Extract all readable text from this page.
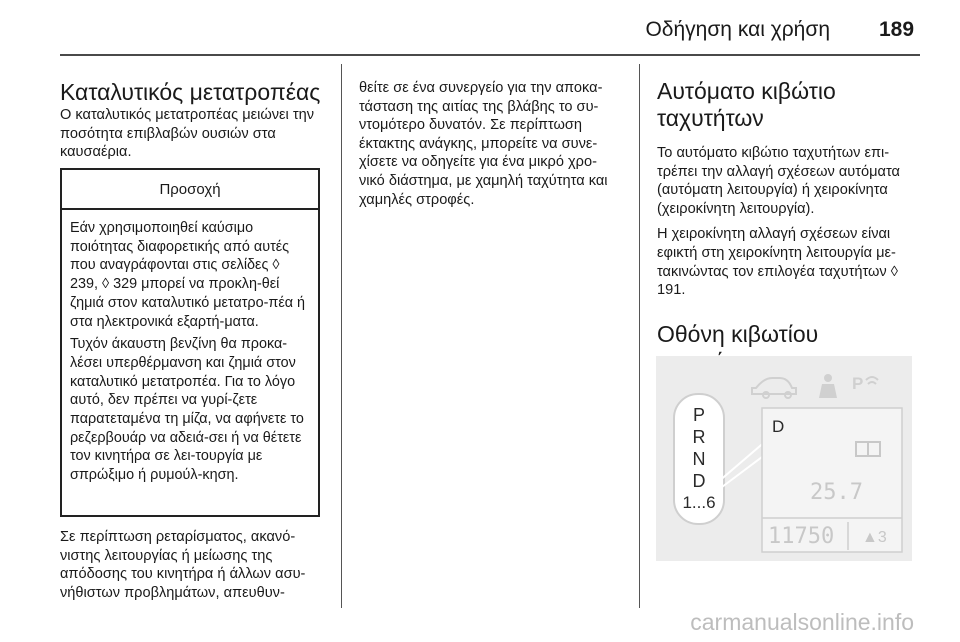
Οδήγηση και χρήση 189
Καταλυτικός μετατροπέας

Ο καταλυτικός μετατροπέας μειώνει την ποσότητα επιβλαβών ουσιών στα καυσαέρια.

Προσοχή

Εάν χρησιμοποιηθεί καύσιμο ποιότητας διαφορετικής από αυτές που αναγράφονται στις σελίδες ◊ 239, ◊ 329 μπορεί να προκλη-θεί ζημιά στον καταλυτικό μετατρο-πέα ή στα ηλεκτρονικά εξαρτή-ματα.

Τυχόν άκαυστη βενζίνη θα προκα-λέσει υπερθέρμανση και ζημιά στον καταλυτικό μετατροπέα. Για το λόγο αυτό, δεν πρέπει να γυρί-ζετε παρατεταμένα τη μίζα, να αφήνετε το ρεζερβουάρ να αδειά-σει ή να θέτετε τον κινητήρα σε λει-τουργία με σπρώξιμο ή ρυμούλ-κηση.

Σε περίπτωση ρεταρίσματος, ακανό-νιστης λειτουργίας ή μείωσης της απόδοσης του κινητήρα ή άλλων ασυ-νήθιστων προβλημάτων, απευθυν-

θείτε σε ένα συνεργείο για την αποκα-τάσταση της αιτίας της βλάβης το συ-ντομότερο δυνατόν. Σε περίπτωση έκτακτης ανάγκης, μπορείτε να συνε-χίσετε να οδηγείτε για ένα μικρό χρο-νικό διάστημα, με χαμηλή ταχύτητα και χαμηλές στροφές.

Αυτόματο κιβώτιο ταχυτήτων

Το αυτόματο κιβώτιο ταχυτήτων επι-τρέπει την αλλαγή σχέσεων αυτόματα (αυτόματη λειτουργία) ή χειροκίνητα (χειροκίνητη λειτουργία).

Η χειροκίνητη αλλαγή σχέσεων είναι εφικτή στη χειροκίνητη λειτουργία με-τακινώντας τον επιλογέα ταχυτήτων ◊ 191.

Οθόνη κιβωτίου
P
P
R
N
D
1...6
D
25.7
11750 ▲3
carmanualsonline.info
